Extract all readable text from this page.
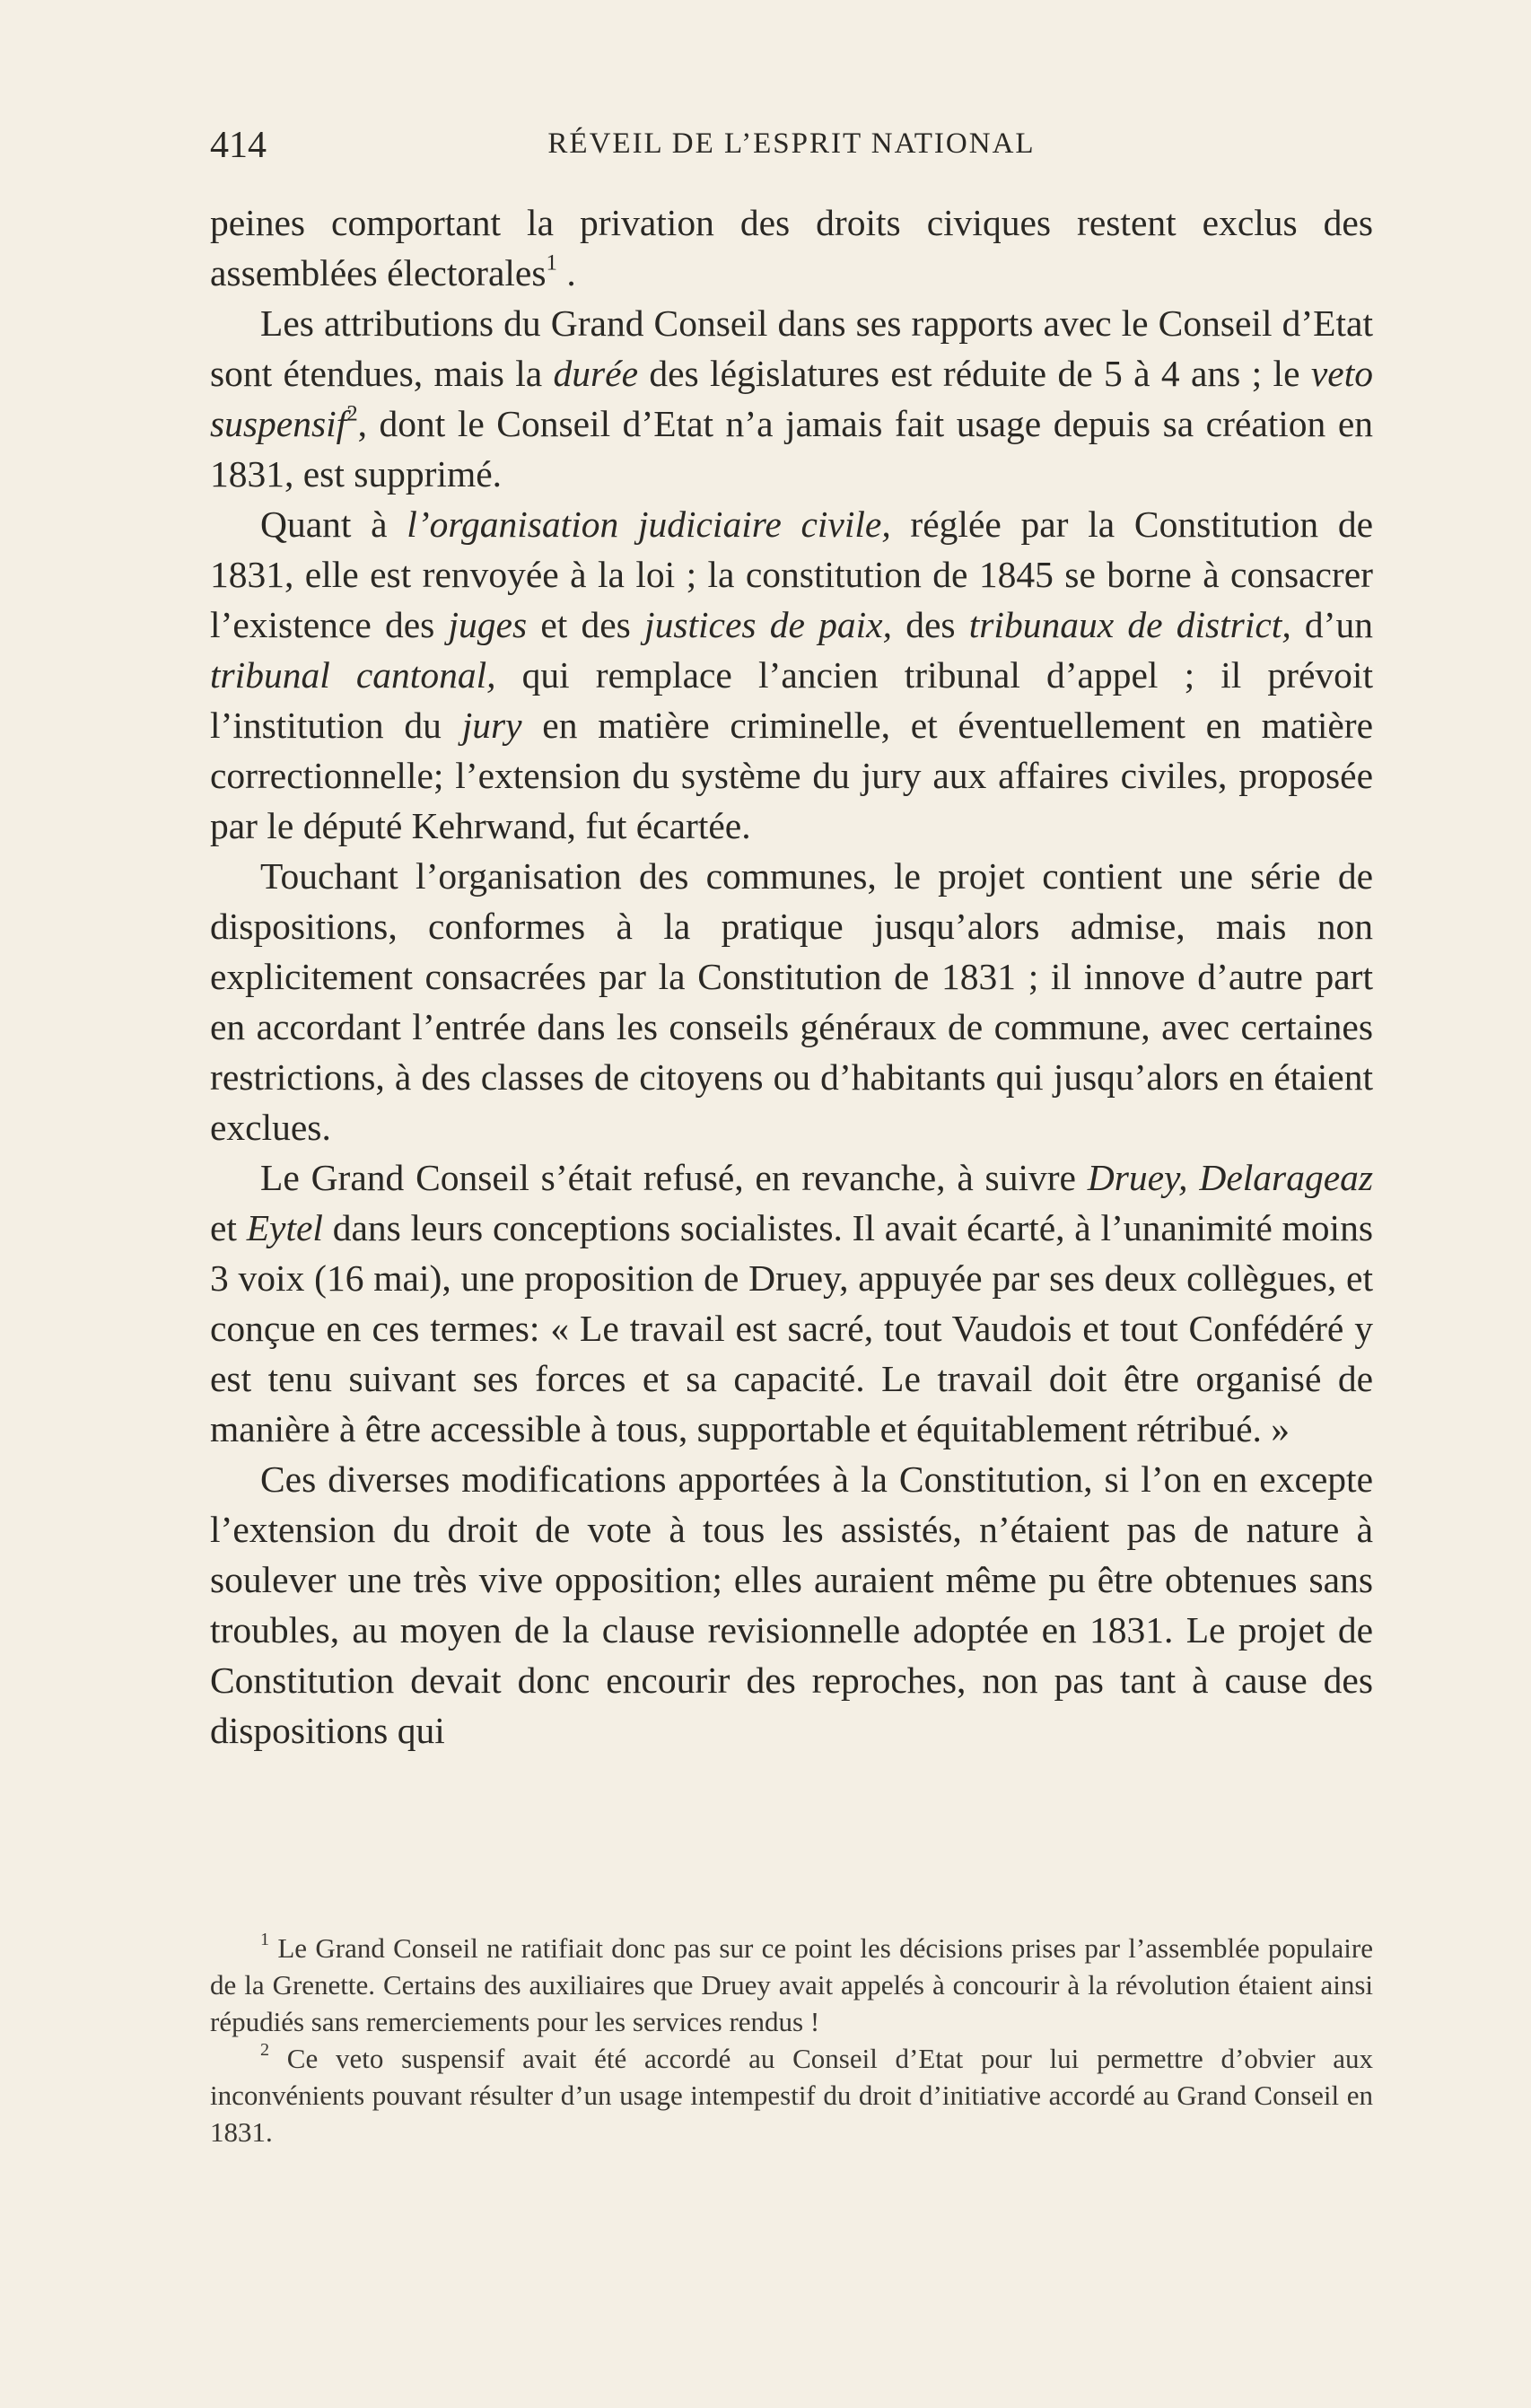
414	RÉVEIL DE L’ESPRIT NATIONAL

peines comportant la privation des droits civiques restent exclus des assemblées électorales$^1$ .

Les attributions du Grand Conseil dans ses rapports avec le Conseil d’Etat sont étendues, mais la durée des législatures est réduite de 5 à 4 ans ; le veto suspensif$^2$, dont le Conseil d’Etat n’a jamais fait usage depuis sa création en 1831, est supprimé.

Quant à l’organisation judiciaire civile, réglée par la Constitution de 1831, elle est renvoyée à la loi ; la constitution de 1845 se borne à consacrer l’existence des juges et des justices de paix, des tribunaux de district, d’un tribunal cantonal, qui remplace l’ancien tribunal d’appel ; il prévoit l’institution du jury en matière criminelle, et éventuellement en matière correctionnelle; l’extension du système du jury aux affaires civiles, proposée par le député Kehrwand, fut écartée.

Touchant l’organisation des communes, le projet contient une série de dispositions, conformes à la pratique jusqu’alors admise, mais non explicitement consacrées par la Constitution de 1831 ; il innove d’autre part en accordant l’entrée dans les conseils généraux de commune, avec certaines restrictions, à des classes de citoyens ou d’habitants qui jusqu’alors en étaient exclues.

Le Grand Conseil s’était refusé, en revanche, à suivre Druey, Delarageaz et Eytel dans leurs conceptions socialistes. Il avait écarté, à l’unanimité moins 3 voix (16 mai), une proposition de Druey, appuyée par ses deux collègues, et conçue en ces termes: « Le travail est sacré, tout Vaudois et tout Confédéré y est tenu suivant ses forces et sa capacité. Le travail doit être organisé de manière à être accessible à tous, supportable et équitablement rétribué. »

Ces diverses modifications apportées à la Constitution, si l’on en excepte l’extension du droit de vote à tous les assistés, n’étaient pas de nature à soulever une très vive opposition; elles auraient même pu être obtenues sans troubles, au moyen de la clause revisionnelle adoptée en 1831. Le projet de Constitution devait donc encourir des reproches, non pas tant à cause des dispositions qui

$^1$ Le Grand Conseil ne ratifiait donc pas sur ce point les décisions prises par l’assemblée populaire de la Grenette. Certains des auxiliaires que Druey avait appelés à concourir à la révolution étaient ainsi répudiés sans remerciements pour les services rendus !

$^2$ Ce veto suspensif avait été accordé au Conseil d’Etat pour lui permettre d’obvier aux inconvénients pouvant résulter d’un usage intempestif du droit d’initiative accordé au Grand Conseil en 1831.
